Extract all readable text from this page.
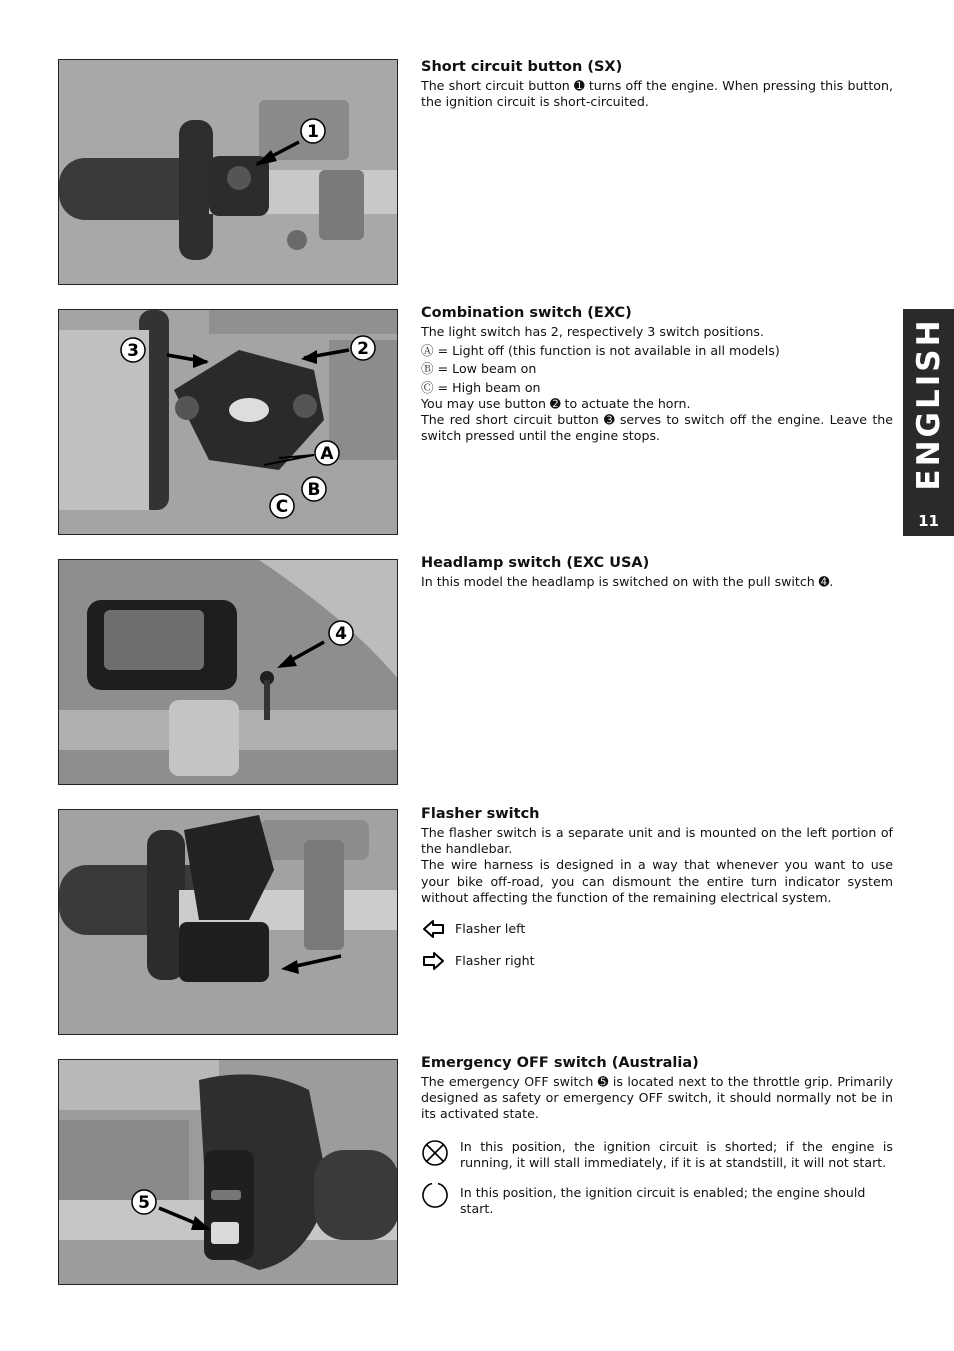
ENGLISH
11
1
3	2
A
B
C
4
5
Short circuit button (SX)

The short circuit button ➊ turns off the engine. When pressing this button, the ignition circuit is short-circuited.

Combination switch (EXC)

The light switch has 2, respectively 3 switch positions.
Ⓐ = Light off (this function is not available in all models)
Ⓑ = Low beam on
Ⓒ = High beam on
You may use button ➋ to actuate the horn.
The red short circuit button ➌ serves to switch off the engine. Leave the switch pressed until the engine stops.

Headlamp switch (EXC USA)

In this model the headlamp is switched on with the pull switch ➍.

Flasher switch

The flasher switch is a separate unit and is mounted on the left portion of the handlebar.
The wire harness is designed in a way that whenever you want to use your bike off-road, you can dismount the entire turn indicator system without affecting the function of the remaining electrical system.

Flasher left
Flasher right
Emergency OFF switch (Australia)

The emergency OFF switch ➎ is located next to the throttle grip. Primarily designed as safety or emergency OFF switch, it should normally not be in its activated state.

In this position, the ignition circuit is shorted; if the engine is running, it will stall immediately, if it is at standstill, it will not start.
In this position, the ignition circuit is enabled; the engine should start.
